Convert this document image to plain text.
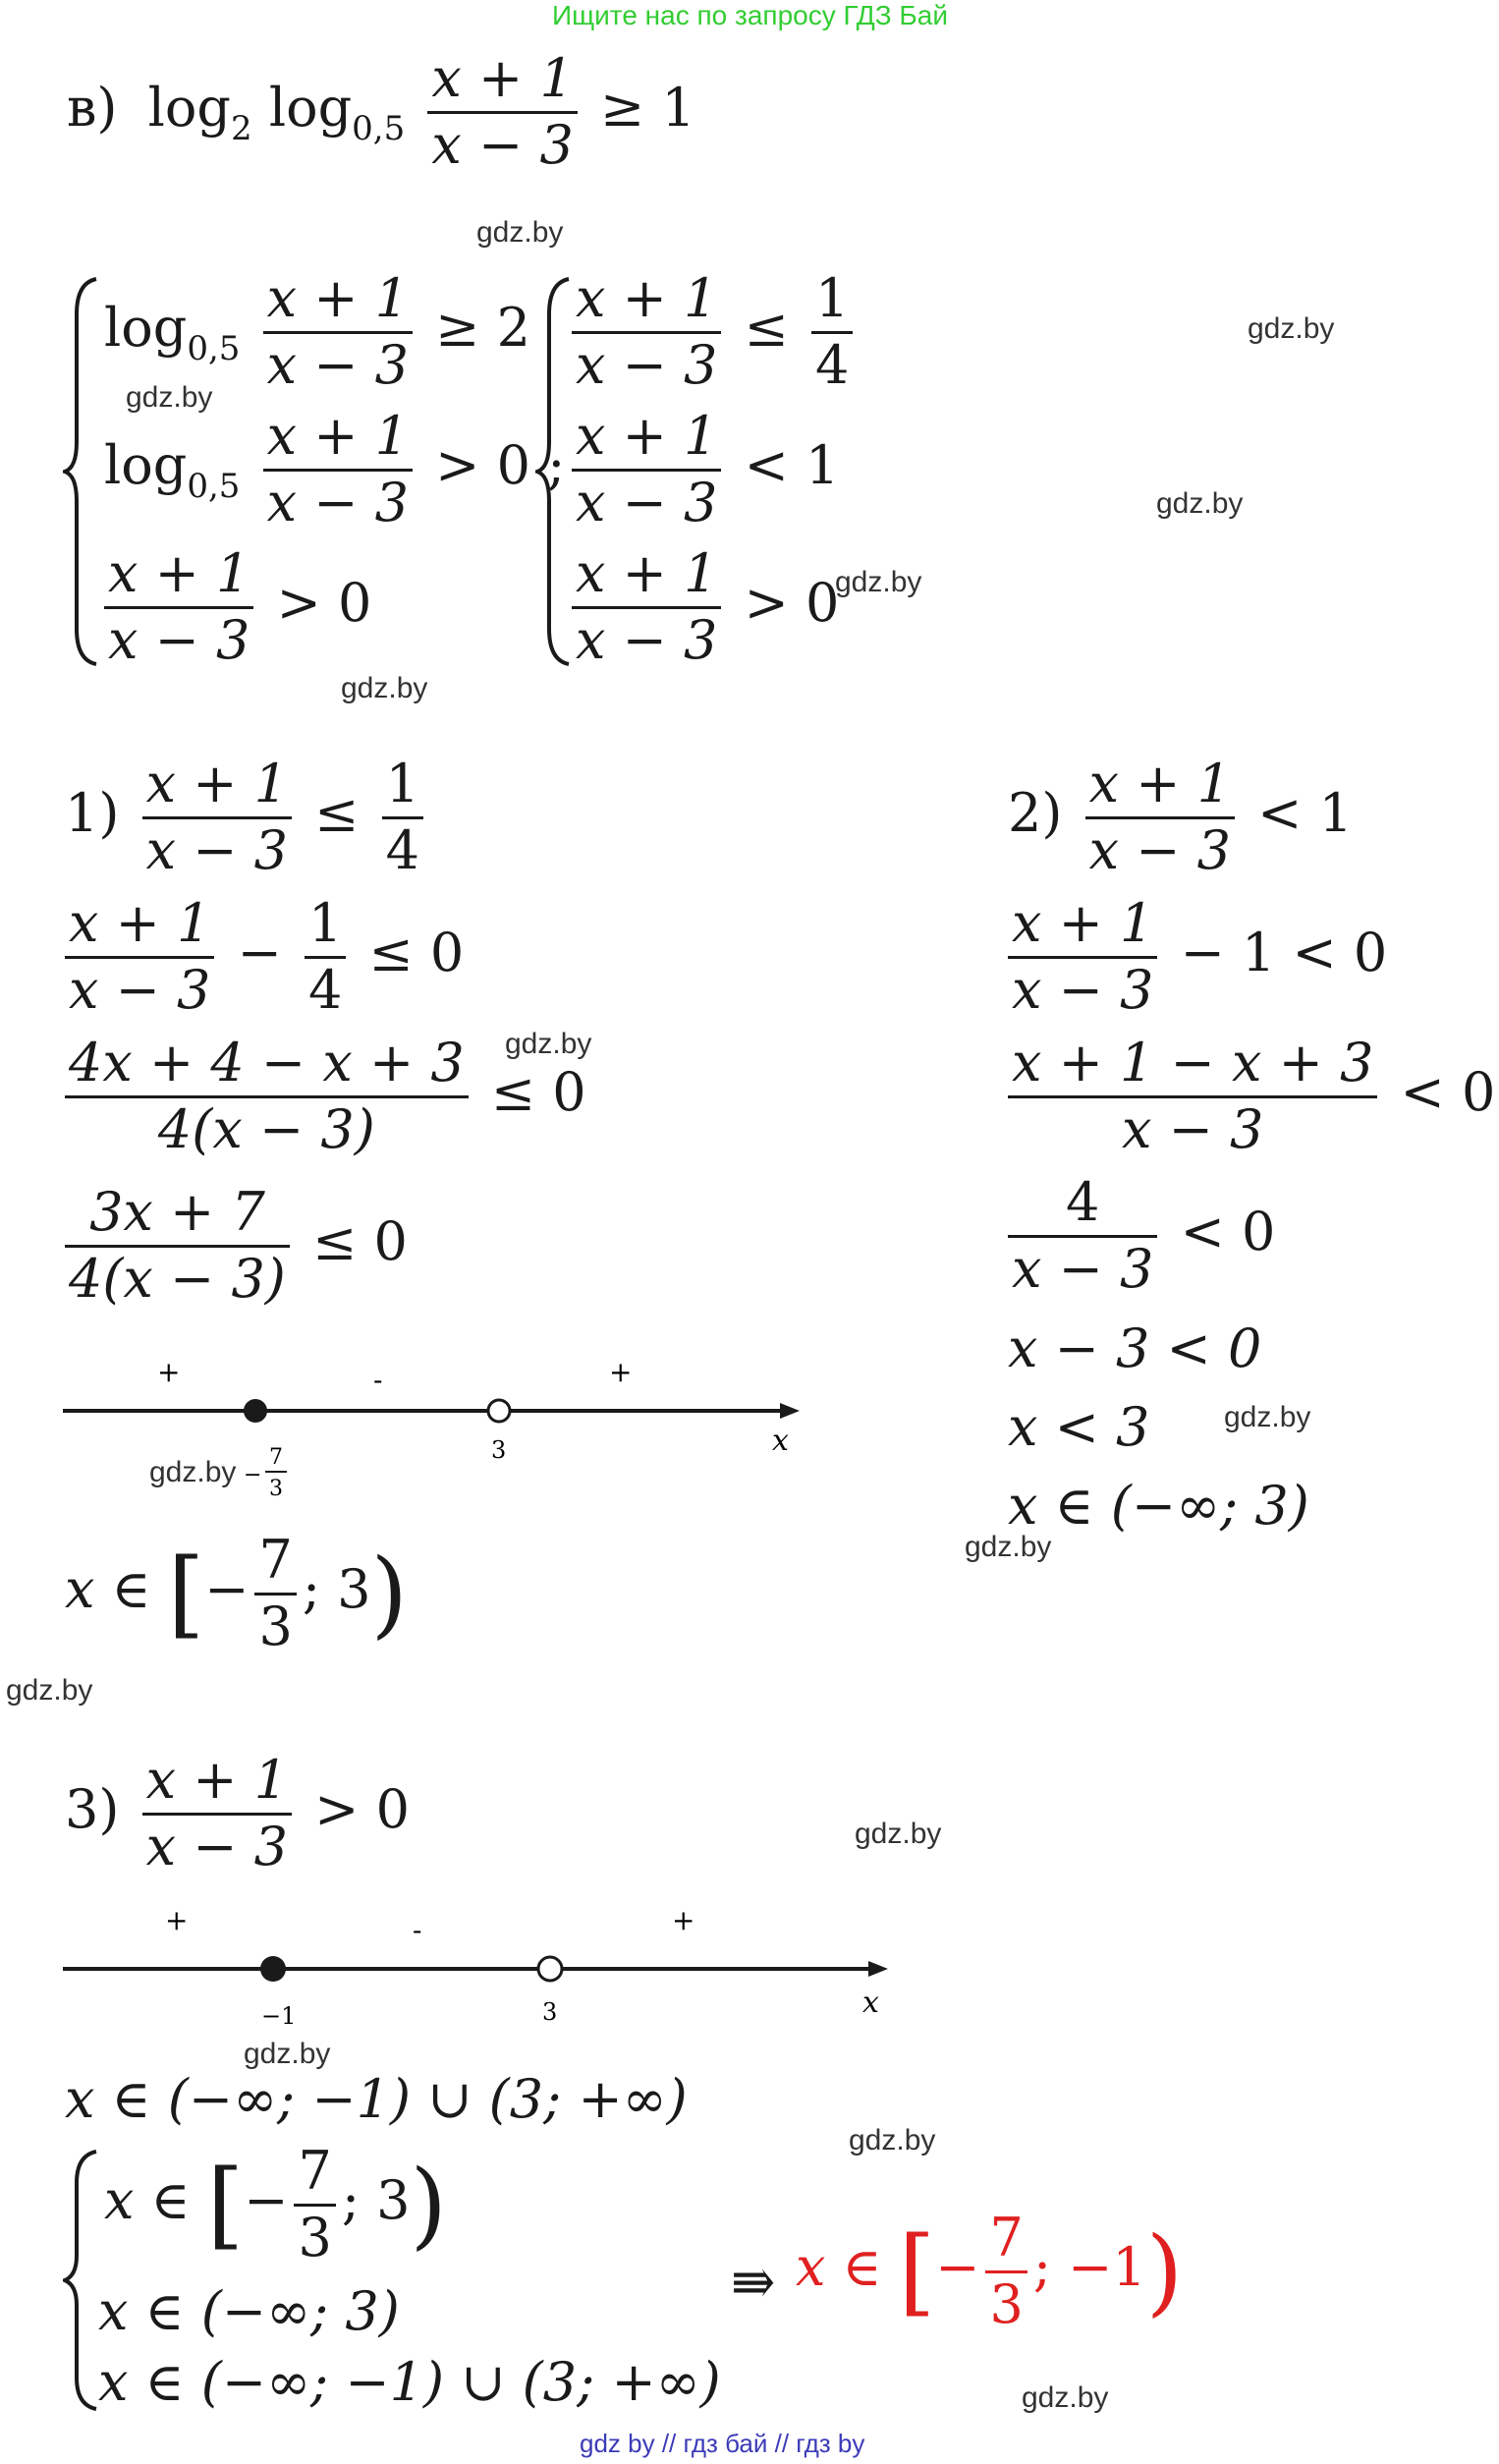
Ищите нас по запросу ГДЗ Бай
в) $\log_2 \log_{0,5} \frac{x + 1}{x - 3} \ge 1$
gdz.by
gdz.by
gdz.by
gdz.by
gdz.by
gdz.by
$\log_{0,5} \frac{x + 1}{x - 3} \ge 2$
$\log_{0,5} \frac{x + 1}{x - 3} > 0$ ;
$\frac{x + 1}{x - 3} > 0$
$\frac{x + 1}{x - 3} \le \frac{1}{4}$
$\frac{x + 1}{x - 3} < 1$
$\frac{x + 1}{x - 3} > 0$
$1) \frac{x + 1}{x - 3} \le \frac{1}{4}$
$\frac{x + 1}{x - 3} - \frac{1}{4} \le 0$
gdz.by
$\frac{4x + 4 - x + 3}{4(x - 3)} \le 0$
$\frac{3x + 7}{4(x - 3)} \le 0$
+	-	+
3	x
−
7
3
gdz.by
x ∈ [− $\frac{7}{3}$ ; 3)
gdz.by
$2) \frac{x + 1}{x - 3} < 1$
$\frac{x + 1}{x - 3} - 1 < 0$
$\frac{x + 1 - x + 3}{x - 3} < 0$
$\frac{4}{x - 3} < 0$
x − 3 < 0
x < 3	gdz.by
x ∈ (−∞; 3)
gdz.by
$3) \frac{x + 1}{x - 3} > 0$	gdz.by
+	-	+
−1	3	x
gdz.by
x ∈ (−∞; −1) ∪ (3; +∞)
gdz.by
x ∈ [− $\frac{7}{3}$ ; 3)
x ∈ (−∞; 3)
x ∈ (−∞; −1) ∪ (3; +∞)
⇛ x ∈ [− $\frac{7}{3}$ ; −1)
gdz.by
gdz by // гдз бай // гдз by
